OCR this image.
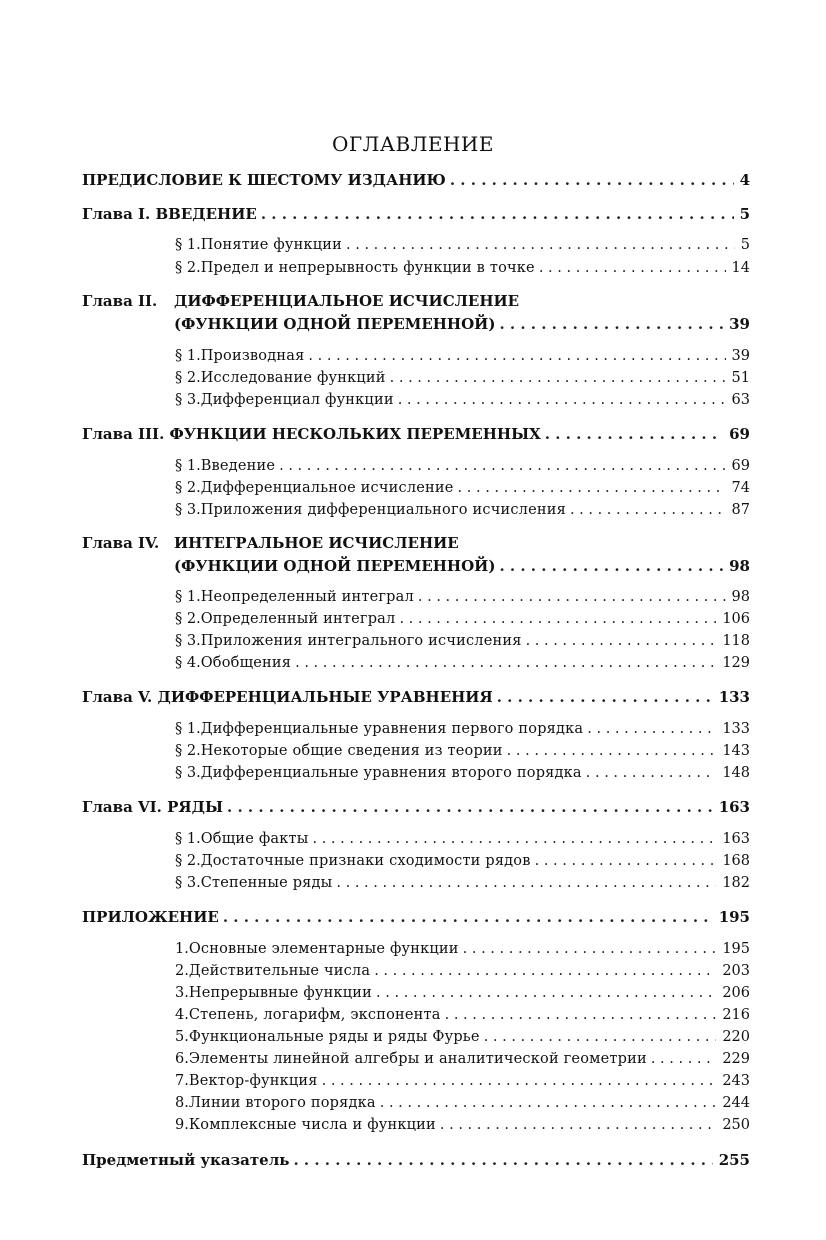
ОГЛАВЛЕНИЕ
ПРЕДИСЛОВИЕ К ШЕСТОМУ ИЗДАНИЮ . . .	4
Глава I.
ВВЕДЕНИЕ . . .	5
§ 1. Понятие функции . . .	5
§ 2. Предел и непрерывность функции в точке . . .	14
Глава II. ДИФФЕРЕНЦИАЛЬНОЕ ИСЧИСЛЕНИЕ
(ФУНКЦИИ ОДНОЙ ПЕРЕМЕННОЙ) . . .	39
§ 1. Производная . . .	39
§ 2. Исследование функций . . .	51
§ 3. Дифференциал функции . . .	63
Глава III.
ФУНКЦИИ НЕСКОЛЬКИХ ПЕРЕМЕННЫХ . . .	69
§ 1. Введение . . .	69
§ 2. Дифференциальное исчисление . . .	74
§ 3. Приложения дифференциального исчисления . . .	87
Глава IV. ИНТЕГРАЛЬНОЕ ИСЧИСЛЕНИЕ
(ФУНКЦИИ ОДНОЙ ПЕРЕМЕННОЙ) . . .	98
§ 1. Неопределенный интеграл . . .	98
§ 2. Определенный интеграл . . .	106
§ 3. Приложения интегрального исчисления . . .	118
§ 4. Обобщения . . .	129
Глава V.
ДИФФЕРЕНЦИАЛЬНЫЕ УРАВНЕНИЯ . . .	133
§ 1. Дифференциальные уравнения первого порядка . . .	133
§ 2. Некоторые общие сведения из теории . . .	143
§ 3. Дифференциальные уравнения второго порядка . . .	148
Глава VI.
РЯДЫ . . .	163
§ 1. Общие факты . . .	163
§ 2. Достаточные признаки сходимости рядов . . .	168
§ 3. Степенные ряды . . .	182
ПРИЛОЖЕНИЕ . . .	195
1. Основные элементарные функции . . .	195
2. Действительные числа . . .	203
3. Непрерывные функции . . .	206
4. Степень, логарифм, экспонента . . .	216
5. Функциональные ряды и ряды Фурье . . .	220
6. Элементы линейной алгебры и аналитической геометрии . . .	229
7. Вектор-функция . . .	243
8. Линии второго порядка . . .	244
9. Комплексные числа и функции . . .	250
Предметный указатель . . .	255
